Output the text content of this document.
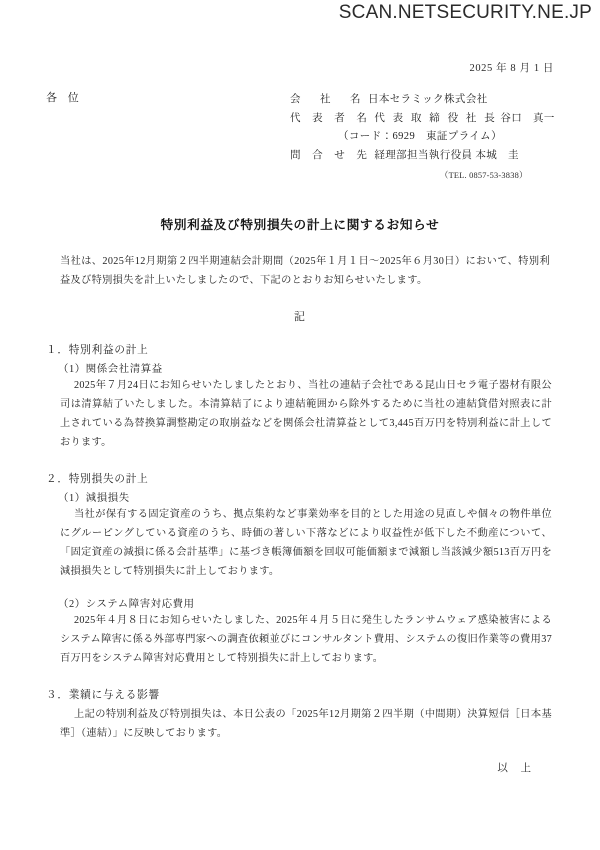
SCAN.NETSECURITY.NE.JP
2025 年 8 月 1 日
各 位	会　社　名 日本セラミック株式会社
代 表 者 名 代 表 取 締 役 社 長 谷口　真一
（コード：6929　東証プライム）
問 合 せ 先 経理部担当執行役員 本城　圭
（TEL. 0857-53-3838）
特別利益及び特別損失の計上に関するお知らせ

当社は、2025年12月期第２四半期連結会計期間（2025年１月１日～2025年６月30日）において、特別利益及び特別損失を計上いたしましたので、下記のとおりお知らせいたします。

記
１．特別利益の計上
（1）関係会社清算益

2025年７月24日にお知らせいたしましたとおり、当社の連結子会社である昆山日セラ電子器材有限公司は清算結了いたしました。本清算結了により連結範囲から除外するために当社の連結貸借対照表に計上されている為替換算調整勘定の取崩益などを関係会社清算益として3,445百万円を特別利益に計上しております。

２．特別損失の計上
（1）減損損失

当社が保有する固定資産のうち、拠点集約など事業効率を目的とした用途の見直しや個々の物件単位にグルーピングしている資産のうち、時価の著しい下落などにより収益性が低下した不動産について、「固定資産の減損に係る会計基準」に基づき帳簿価額を回収可能価額まで減額し当該減少額513百万円を減損損失として特別損失に計上しております。

（2）システム障害対応費用

2025年４月８日にお知らせいたしました、2025年４月５日に発生したランサムウェア感染被害によるシステム障害に係る外部専門家への調査依頼並びにコンサルタント費用、システムの復旧作業等の費用37百万円をシステム障害対応費用として特別損失に計上しております。

３．業績に与える影響

上記の特別利益及び特別損失は、本日公表の「2025年12月期第２四半期（中間期）決算短信［日本基準］（連結）」に反映しております。

以 上
